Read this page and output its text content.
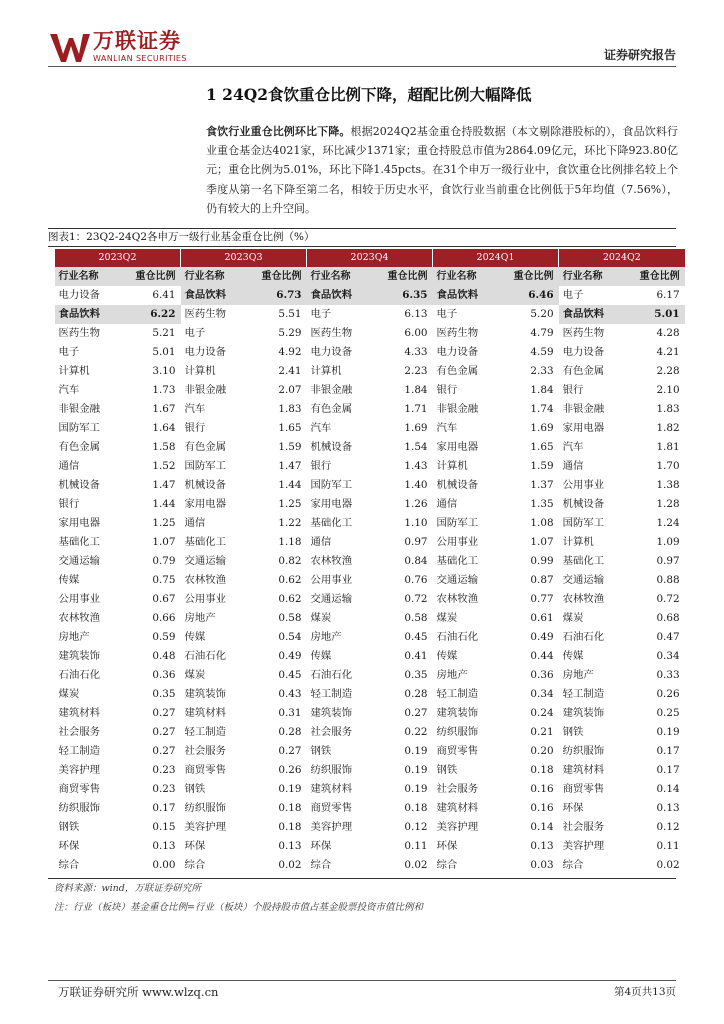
万联证券
WANLIAN SECURITIES	证券研究报告
1 24Q2食饮重仓比例下降，超配比例大幅降低
食饮行业重仓比例环比下降。根据2024Q2基金重仓持股数据（本文剔除港股标的），食品饮料行业重仓基金达4021家，环比减少1371家；重仓持股总市值为2864.09亿元，环比下降923.80亿元；重仓比例为5.01%，环比下降1.45pcts。在31个申万一级行业中，食饮重仓比例排名较上个季度从第一名下降至第二名，相较于历史水平，食饮行业当前重仓比例低于5年均值（7.56%），仍有较大的上升空间。
图表1：23Q2-24Q2各申万一级行业基金重仓比例（%）
2023Q2		2023Q3		2023Q4		2024Q1		2024Q2	
行业名称	重仓比例	行业名称	重仓比例	行业名称	重仓比例	行业名称	重仓比例	行业名称	重仓比例
电力设备	6.41	食品饮料	6.73	食品饮料	6.35	食品饮料	6.46	电子	6.17
食品饮料	6.22	医药生物	5.51	电子	6.13	电子	5.20	食品饮料	5.01
医药生物	5.21	电子	5.29	医药生物	6.00	医药生物	4.79	医药生物	4.28
电子	5.01	电力设备	4.92	电力设备	4.33	电力设备	4.59	电力设备	4.21
计算机	3.10	计算机	2.41	计算机	2.23	有色金属	2.33	有色金属	2.28
汽车	1.73	非银金融	2.07	非银金融	1.84	银行	1.84	银行	2.10
非银金融	1.67	汽车	1.83	有色金属	1.71	非银金融	1.74	非银金融	1.83
国防军工	1.64	银行	1.65	汽车	1.69	汽车	1.69	家用电器	1.82
有色金属	1.58	有色金属	1.59	机械设备	1.54	家用电器	1.65	汽车	1.81
通信	1.52	国防军工	1.47	银行	1.43	计算机	1.59	通信	1.70
机械设备	1.47	机械设备	1.44	国防军工	1.40	机械设备	1.37	公用事业	1.38
银行	1.44	家用电器	1.25	家用电器	1.26	通信	1.35	机械设备	1.28
家用电器	1.25	通信	1.22	基础化工	1.10	国防军工	1.08	国防军工	1.24
基础化工	1.07	基础化工	1.18	通信	0.97	公用事业	1.07	计算机	1.09
交通运输	0.79	交通运输	0.82	农林牧渔	0.84	基础化工	0.99	基础化工	0.97
传媒	0.75	农林牧渔	0.62	公用事业	0.76	交通运输	0.87	交通运输	0.88
公用事业	0.67	公用事业	0.62	交通运输	0.72	农林牧渔	0.77	农林牧渔	0.72
农林牧渔	0.66	房地产	0.58	煤炭	0.58	煤炭	0.61	煤炭	0.68
房地产	0.59	传媒	0.54	房地产	0.45	石油石化	0.49	石油石化	0.47
建筑装饰	0.48	石油石化	0.49	传媒	0.41	传媒	0.44	传媒	0.34
石油石化	0.36	煤炭	0.45	石油石化	0.35	房地产	0.36	房地产	0.33
煤炭	0.35	建筑装饰	0.43	轻工制造	0.28	轻工制造	0.34	轻工制造	0.26
建筑材料	0.27	建筑材料	0.31	建筑装饰	0.27	建筑装饰	0.24	建筑装饰	0.25
社会服务	0.27	轻工制造	0.28	社会服务	0.22	纺织服饰	0.21	钢铁	0.19
轻工制造	0.27	社会服务	0.27	钢铁	0.19	商贸零售	0.20	纺织服饰	0.17
美容护理	0.23	商贸零售	0.26	纺织服饰	0.19	钢铁	0.18	建筑材料	0.17
商贸零售	0.23	钢铁	0.19	建筑材料	0.19	社会服务	0.16	商贸零售	0.14
纺织服饰	0.17	纺织服饰	0.18	商贸零售	0.18	建筑材料	0.16	环保	0.13
钢铁	0.15	美容护理	0.18	美容护理	0.12	美容护理	0.14	社会服务	0.12
环保	0.13	环保	0.13	环保	0.11	环保	0.13	美容护理	0.11
综合	0.00	综合	0.02	综合	0.02	综合	0.03	综合	0.02
资料来源：wind，万联证券研究所
注：行业（板块）基金重仓比例=行业（板块）个股持股市值占基金股票投资市值比例和
万联证券研究所 www.wlzq.cn	第4页共13页
